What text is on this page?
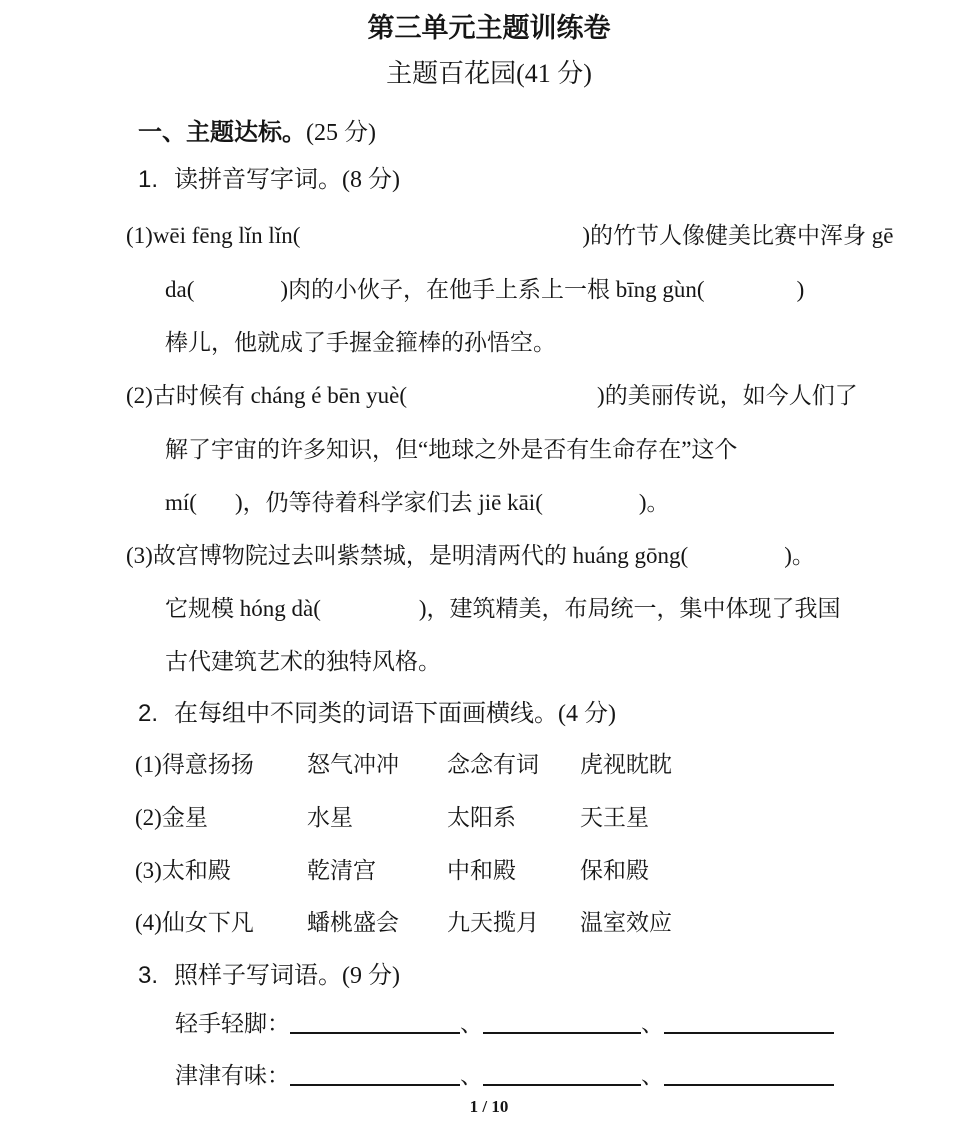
第三单元主题训练卷
主题百花园(41 分)
一、主题达标。(25 分)
1. 读拼音写字词。(8 分)
(1)wēi fēng lǐn lǐn(	)的竹节人像健美比赛中浑身 gē
da(	)肉的小伙子，在他手上系上一根 bīng gùn(	)
棒儿，他就成了手握金箍棒的孙悟空。
(2)古时候有 cháng é bēn yuè(	)的美丽传说，如今人们了
解了宇宙的许多知识，但“地球之外是否有生命存在”这个
mí( )，仍等待着科学家们去 jiē kāi(	)。
(3)故宫博物院过去叫紫禁城，是明清两代的 huáng gōng(	)。
它规模 hóng dà(	)，建筑精美，布局统一，集中体现了我国
古代建筑艺术的独特风格。
2. 在每组中不同类的词语下面画横线。(4 分)
(1)得意扬扬 怒气冲冲 念念有词 虎视眈眈
(2)金星	水星	太阳系	天王星
(3)太和殿	乾清宫	中和殿	保和殿
(4)仙女下凡 蟠桃盛会 九天揽月 温室效应
3. 照样子写词语。(9 分)
轻手轻脚：	、	、
津津有味：	、	、
1 / 10
